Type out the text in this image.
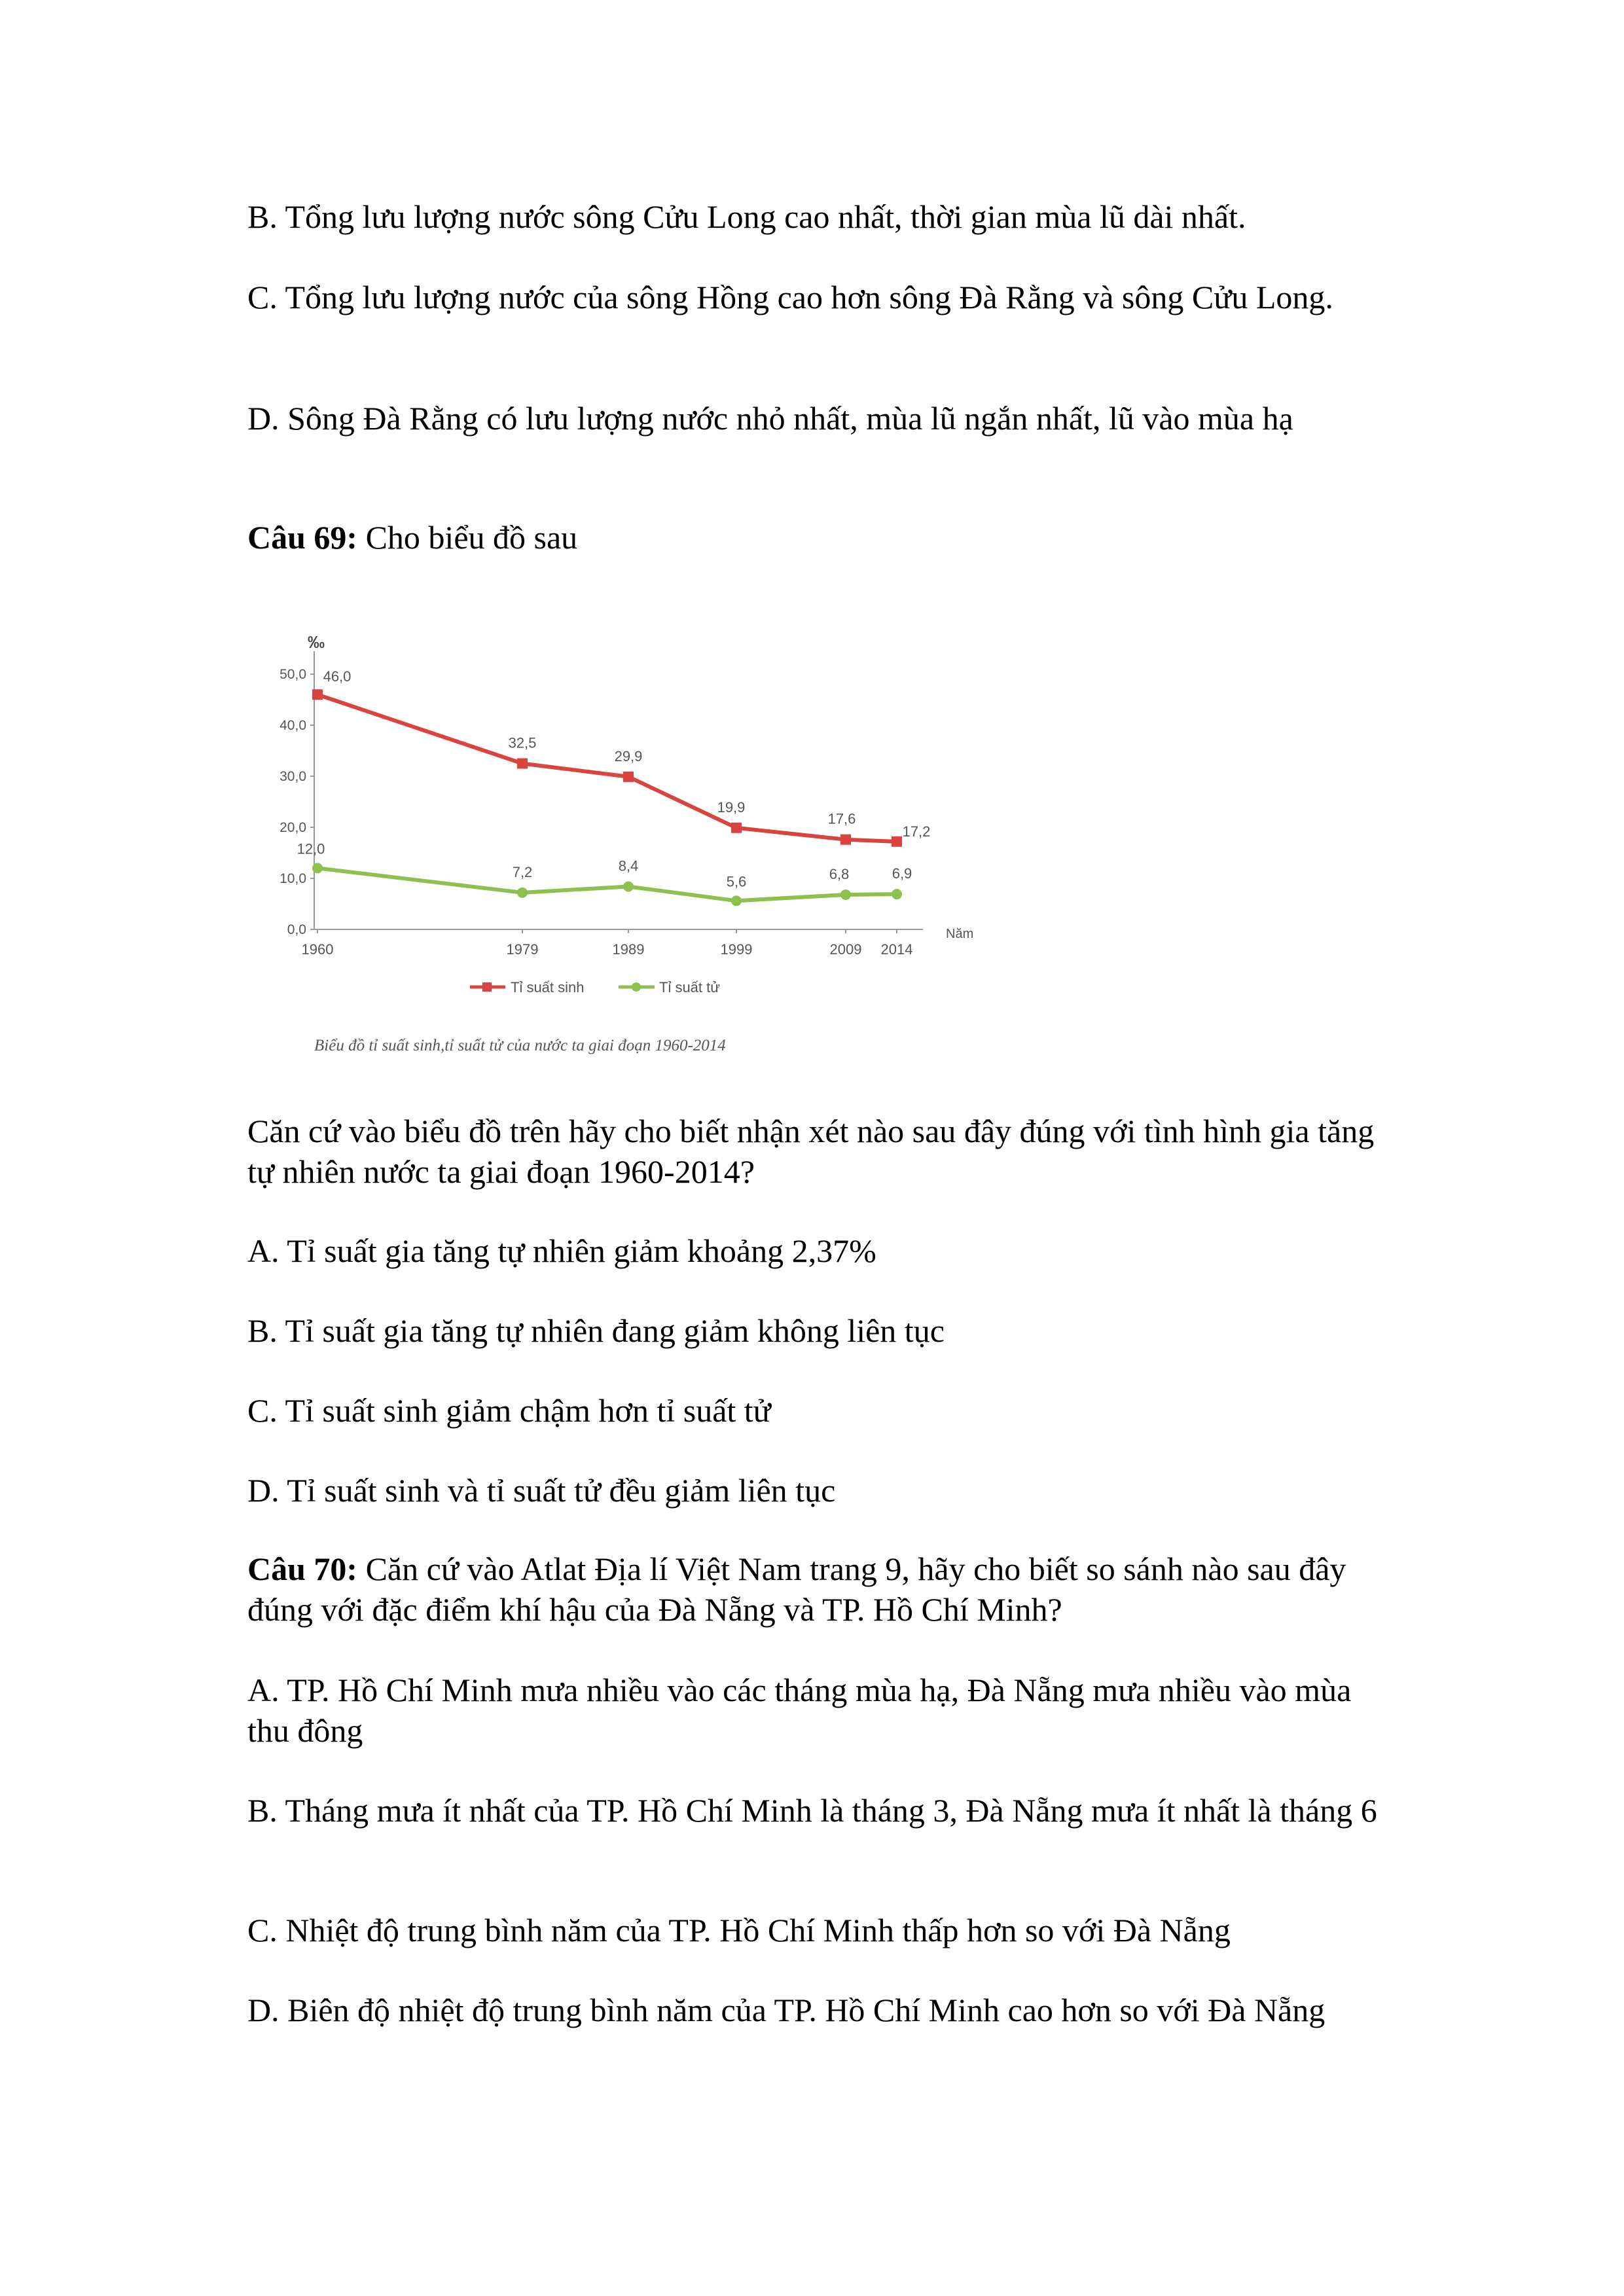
B. Tổng lưu lượng nước sông Cửu Long cao nhất, thời gian mùa lũ dài nhất.

C. Tổng lưu lượng nước của sông Hồng cao hơn sông Đà Rằng và sông Cửu Long.

D. Sông Đà Rằng có lưu lượng nước nhỏ nhất, mùa lũ ngắn nhất, lũ vào mùa hạ

Câu 69: Cho biểu đồ sau

‰
Năm
0,0
10,0
20,0
30,0
40,0
50,0
1960	1979	1989	1999	2009 2014
46,0
32,5
29,9
19,9
17,6
17,2
12,0
7,2	8,4
5,6	6,8	6,9
Tỉ suất sinh	Tỉ suất tử
Biểu đồ tỉ suất sinh,tỉ suất tử của nước ta giai đoạn 1960-2014

Căn cứ vào biểu đồ trên hãy cho biết nhận xét nào sau đây đúng với tình hình gia tăng tự nhiên nước ta giai đoạn 1960-2014?

A. Tỉ suất gia tăng tự nhiên giảm khoảng 2,37%

B. Tỉ suất gia tăng tự nhiên đang giảm không liên tục

C. Tỉ suất sinh giảm chậm hơn tỉ suất tử

D. Tỉ suất sinh và tỉ suất tử đều giảm liên tục

Câu 70: Căn cứ vào Atlat Địa lí Việt Nam trang 9, hãy cho biết so sánh nào sau đây đúng với đặc điểm khí hậu của Đà Nẵng và TP. Hồ Chí Minh?

A. TP. Hồ Chí Minh mưa nhiều vào các tháng mùa hạ, Đà Nẵng mưa nhiều vào mùa thu đông

B. Tháng mưa ít nhất của TP. Hồ Chí Minh là tháng 3, Đà Nẵng mưa ít nhất là tháng 6

C. Nhiệt độ trung bình năm của TP. Hồ Chí Minh thấp hơn so với Đà Nẵng

D. Biên độ nhiệt độ trung bình năm của TP. Hồ Chí Minh cao hơn so với Đà Nẵng
